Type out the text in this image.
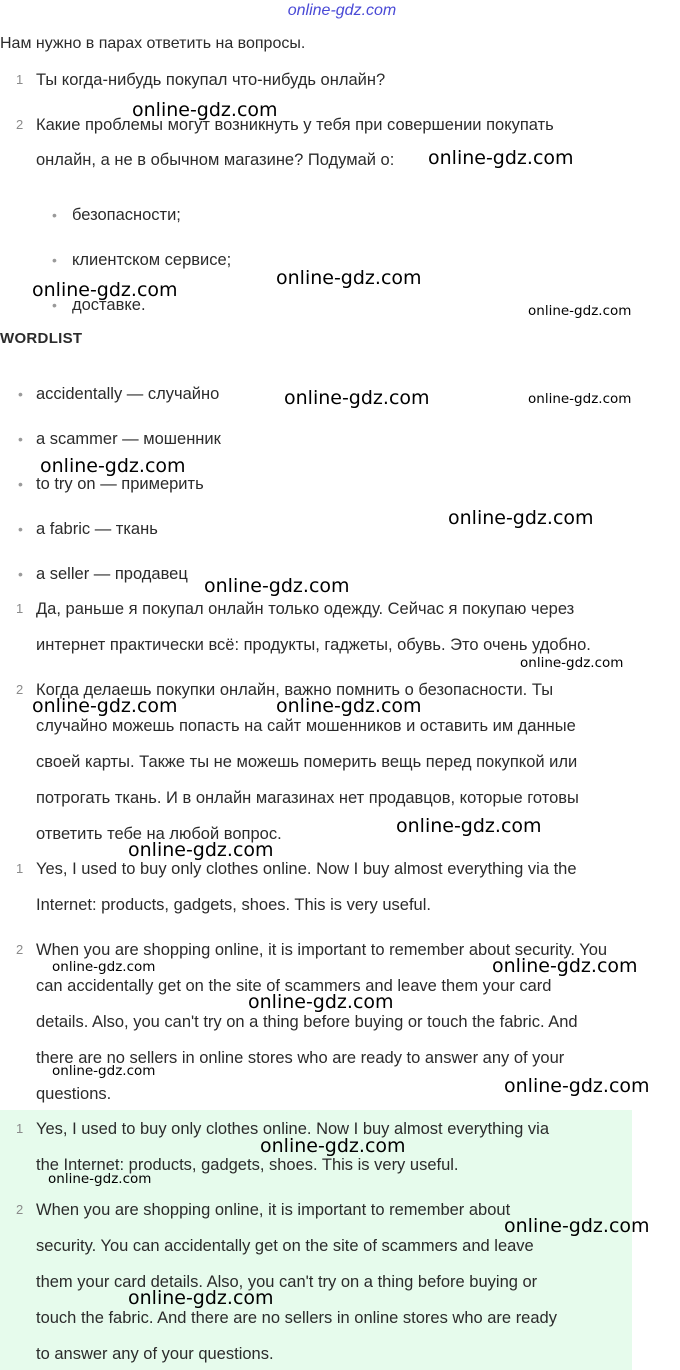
online-gdz.com
Нам нужно в парах ответить на вопросы.
1 Ты когда-нибудь покупал что-нибудь онлайн?
2 Какие проблемы могут возникнуть у тебя при совершении покупать
онлайн, а не в обычном магазине? Подумай о:
• безопасности;
• клиентском сервисе;
• доставке.
WORDLIST
• accidentally — случайно
• a scammer — мошенник
• to try on — примерить
• a fabric — ткань
• a seller — продавец
1 Да, раньше я покупал онлайн только одежду. Сейчас я покупаю через
интернет практически всё: продукты, гаджеты, обувь. Это очень удобно.
2 Когда делаешь покупки онлайн, важно помнить о безопасности. Ты
случайно можешь попасть на сайт мошенников и оставить им данные
своей карты. Также ты не можешь померить вещь перед покупкой или
потрогать ткань. И в онлайн магазинах нет продавцов, которые готовы
ответить тебе на любой вопрос.
1 Yes, I used to buy only clothes online. Now I buy almost everything via the
Internet: products, gadgets, shoes. This is very useful.
2 When you are shopping online, it is important to remember about security. You
can accidentally get on the site of scammers and leave them your card
details. Also, you can't try on a thing before buying or touch the fabric. And
there are no sellers in online stores who are ready to answer any of your
questions.
1 Yes, I used to buy only clothes online. Now I buy almost everything via
the Internet: products, gadgets, shoes. This is very useful.
2 When you are shopping online, it is important to remember about
security. You can accidentally get on the site of scammers and leave
them your card details. Also, you can't try on a thing before buying or
touch the fabric. And there are no sellers in online stores who are ready
to answer any of your questions.
online-gdz.com
online-gdz.com
online-gdz.com
online-gdz.com
online-gdz.com
online-gdz.com	online-gdz.com
online-gdz.com
online-gdz.com
online-gdz.com
online-gdz.com
online-gdz.com	online-gdz.com
online-gdz.com
online-gdz.com
online-gdz.com	online-gdz.com
online-gdz.com
online-gdz.com
online-gdz.com
online-gdz.com
online-gdz.com
online-gdz.com
online-gdz.com
